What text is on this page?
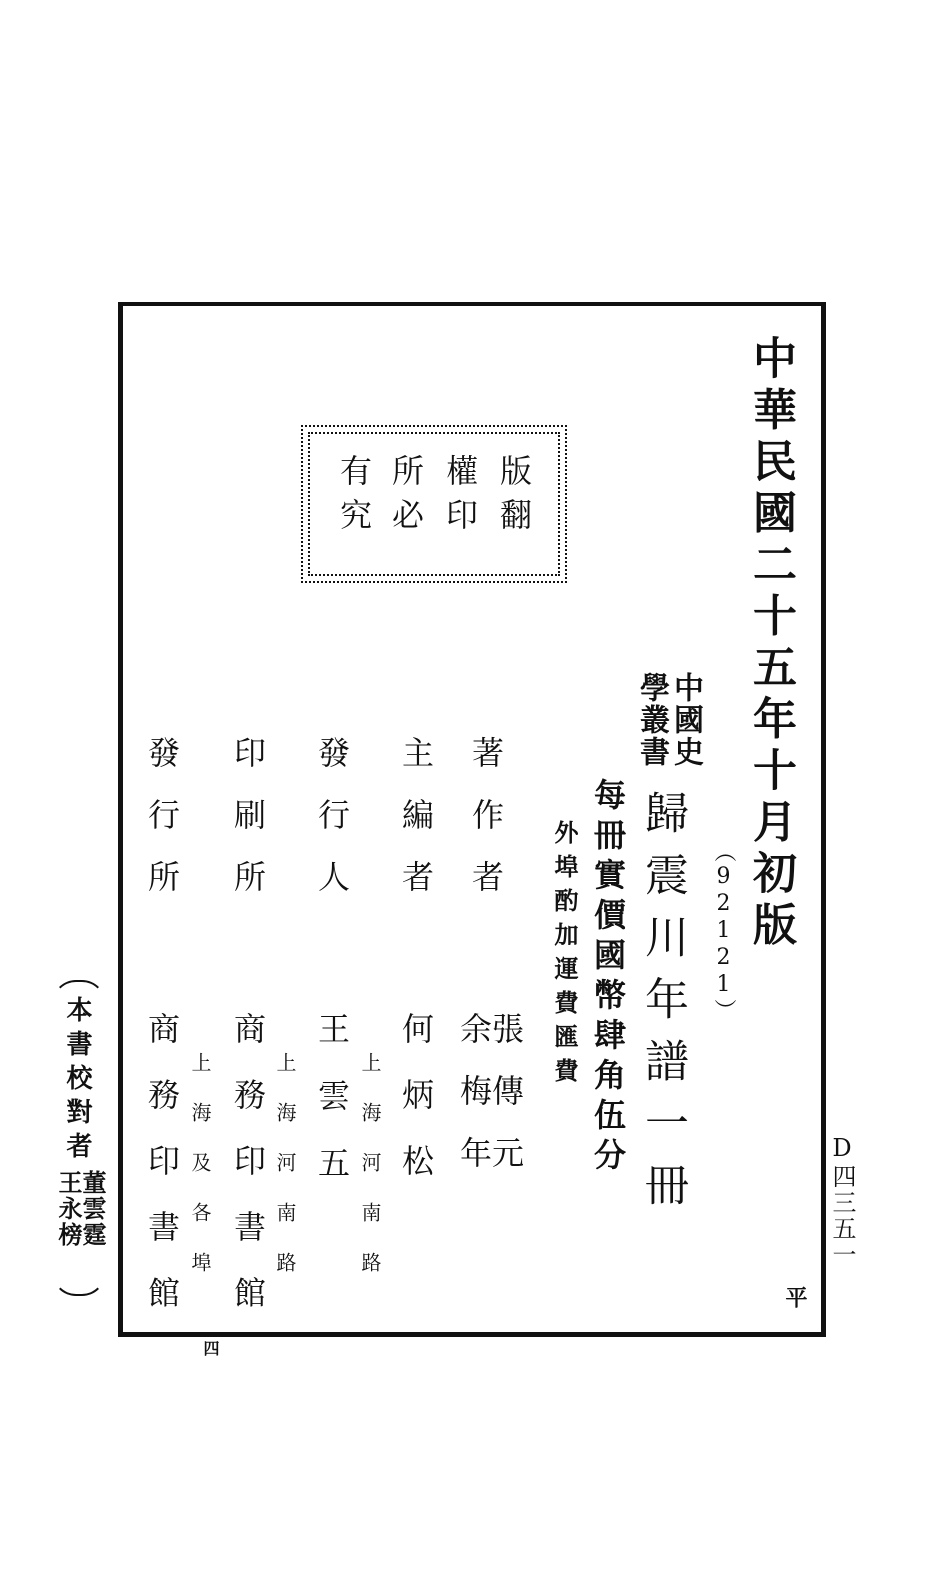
中華民國二十五年十月初版
（92121）
中國史
學叢書
歸震川年譜一冊
每冊實價國幣肆角伍分
外埠酌加運費匯費
版翻
權印
所必
有究
著作者
張傳元
余梅年
主編者
何炳松
發行人
王雲五 上海河南路
印刷所
商務印書館 上海河南路
發行所
商務印書館 上海及各埠	平
四
本書校對者
董雲霆
王永榜	D四三五一
